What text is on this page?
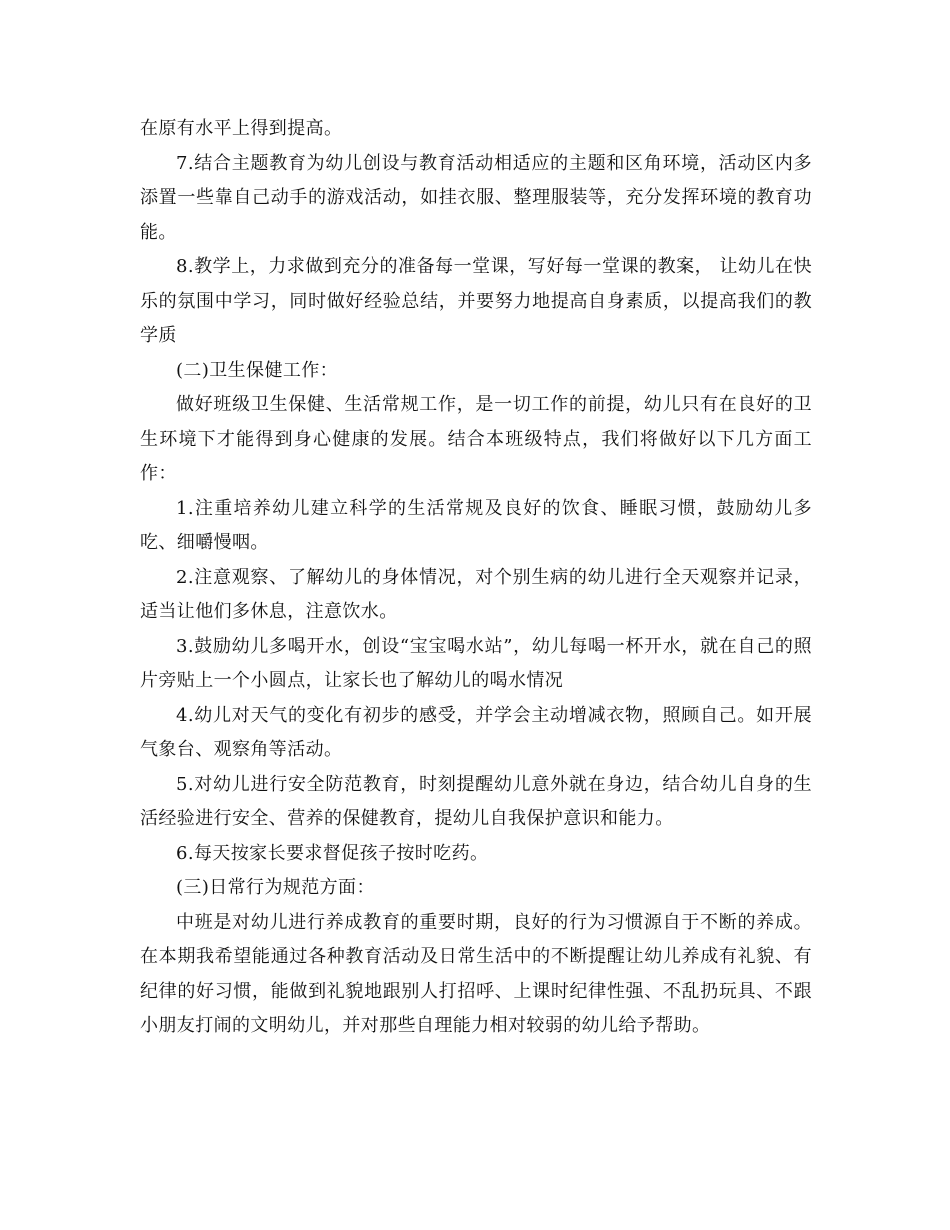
在原有水平上得到提高。

7.结合主题教育为幼儿创设与教育活动相适应的主题和区角环境，活动区内多添置一些靠自己动手的游戏活动，如挂衣服、整理服装等，充分发挥环境的教育功能。

8.教学上，力求做到充分的准备每一堂课，写好每一堂课的教案， 让幼儿在快乐的氛围中学习，同时做好经验总结，并要努力地提高自身素质，以提高我们的教学质

(二)卫生保健工作：

做好班级卫生保健、生活常规工作，是一切工作的前提，幼儿只有在良好的卫生环境下才能得到身心健康的发展。结合本班级特点，我们将做好以下几方面工作：

1.注重培养幼儿建立科学的生活常规及良好的饮食、睡眠习惯，鼓励幼儿多吃、细嚼慢咽。

2.注意观察、了解幼儿的身体情况，对个别生病的幼儿进行全天观察并记录，适当让他们多休息，注意饮水。

3.鼓励幼儿多喝开水，创设“宝宝喝水站”，幼儿每喝一杯开水，就在自己的照片旁贴上一个小圆点，让家长也了解幼儿的喝水情况

4.幼儿对天气的变化有初步的感受，并学会主动增减衣物，照顾自己。如开展气象台、观察角等活动。

5.对幼儿进行安全防范教育，时刻提醒幼儿意外就在身边，结合幼儿自身的生活经验进行安全、营养的保健教育，提幼儿自我保护意识和能力。

6.每天按家长要求督促孩子按时吃药。

(三)日常行为规范方面：

中班是对幼儿进行养成教育的重要时期，良好的行为习惯源自于不断的养成。在本期我希望能通过各种教育活动及日常生活中的不断提醒让幼儿养成有礼貌、有纪律的好习惯，能做到礼貌地跟别人打招呼、上课时纪律性强、不乱扔玩具、不跟小朋友打闹的文明幼儿，并对那些自理能力相对较弱的幼儿给予帮助。
